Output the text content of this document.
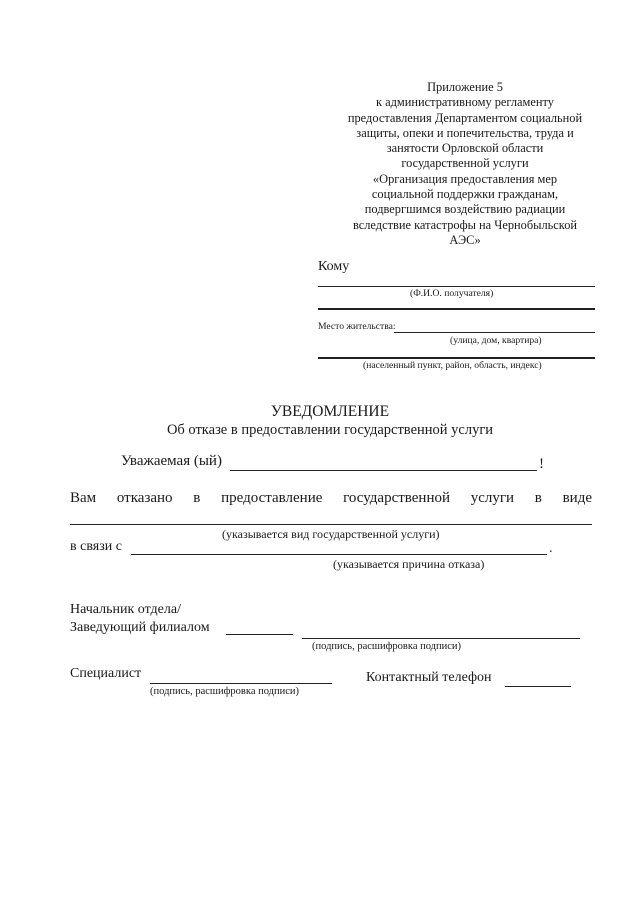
Приложение 5
к административному регламенту
предоставления Департаментом социальной
защиты, опеки и попечительства, труда и
занятости Орловской области
государственной услуги
«Организация предоставления мер
социальной поддержки гражданам,
подвергшимся воздействию радиации
вследствие катастрофы на Чернобыльской
АЭС»
Кому
(Ф.И.О. получателя)
Место жительства:
(улица, дом, квартира)
(населенный пункт, район, область, индекс)
УВЕДОМЛЕНИЕ
Об отказе в предоставлении государственной услуги
Уважаемая (ый)	!
Вам отказано в предоставление государственной услуги в виде
(указывается вид государственной услуги)
в связи с	.
(указывается причина отказа)
Начальник отдела/
Заведующий филиалом
(подпись, расшифровка подписи)
Специалист
(подпись, расшифровка подписи)
Контактный телефон
